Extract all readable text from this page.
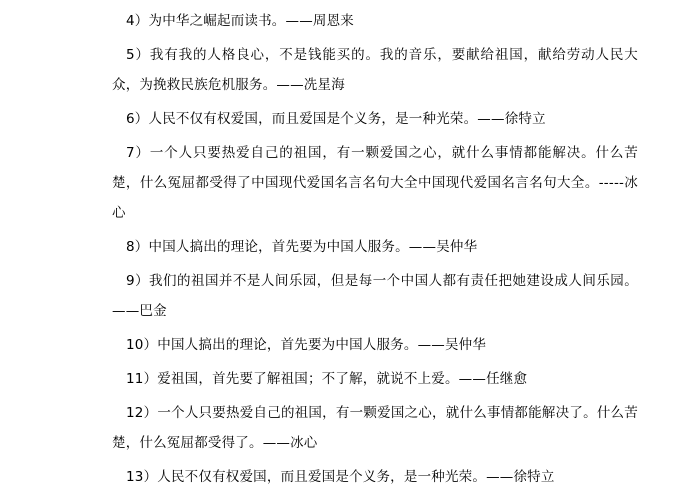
4）为中华之崛起而读书。——周恩来

5）我有我的人格良心，不是钱能买的。我的音乐，要献给祖国，献给劳动人民大众，为挽救民族危机服务。——冼星海

6）人民不仅有权爱国，而且爱国是个义务，是一种光荣。——徐特立

7）一个人只要热爱自己的祖国，有一颗爱国之心，就什么事情都能解决。什么苦楚，什么冤屈都受得了中国现代爱国名言名句大全中国现代爱国名言名句大全。-----冰心

8）中国人搞出的理论，首先要为中国人服务。——吴仲华

9）我们的祖国并不是人间乐园，但是每一个中国人都有责任把她建设成人间乐园。——巴金

10）中国人搞出的理论，首先要为中国人服务。——吴仲华

11）爱祖国，首先要了解祖国；不了解，就说不上爱。——任继愈

12）一个人只要热爱自己的祖国，有一颗爱国之心，就什么事情都能解决了。什么苦楚，什么冤屈都受得了。——冰心

13）人民不仅有权爱国，而且爱国是个义务，是一种光荣。——徐特立
